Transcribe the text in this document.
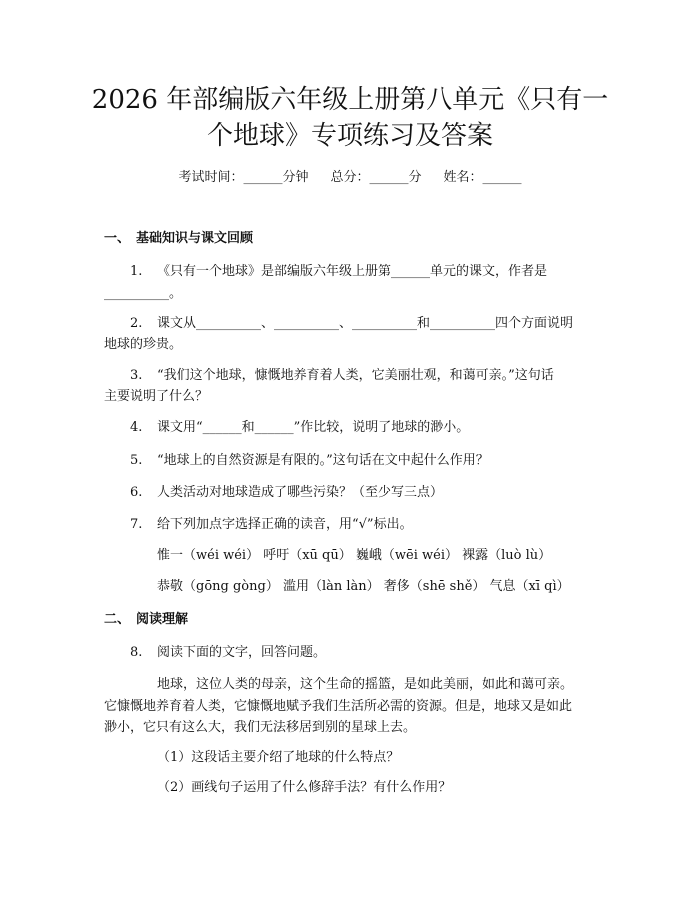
2026 年部编版六年级上册第八单元《只有一
个地球》专项练习及答案
考试时间：______分钟 总分：______分 姓名：______
一、 基础知识与课文回顾
1. 《只有一个地球》是部编版六年级上册第______单元的课文，作者是
__________。
2. 课文从__________、__________、__________和__________四个方面说明
地球的珍贵。
3. “我们这个地球，慷慨地养育着人类，它美丽壮观，和蔼可亲。”这句话
主要说明了什么？
4. 课文用“______和______”作比较，说明了地球的渺小。
5. “地球上的自然资源是有限的。”这句话在文中起什么作用？
6. 人类活动对地球造成了哪些污染？（至少写三点）
7. 给下列加点字选择正确的读音，用“√”标出。
惟一（wéi wéi） 呼吁（xū qū） 巍峨（wēi wéi） 裸露（luò lù）
恭敬（gōng gòng） 滥用（làn làn） 奢侈（shē shě） 气息（xī qì）
二、 阅读理解
8. 阅读下面的文字，回答问题。
地球，这位人类的母亲，这个生命的摇篮，是如此美丽，如此和蔼可亲。
它慷慨地养育着人类，它慷慨地赋予我们生活所必需的资源。但是，地球又是如此
渺小，它只有这么大，我们无法移居到别的星球上去。
（1）这段话主要介绍了地球的什么特点？
（2）画线句子运用了什么修辞手法？有什么作用？
